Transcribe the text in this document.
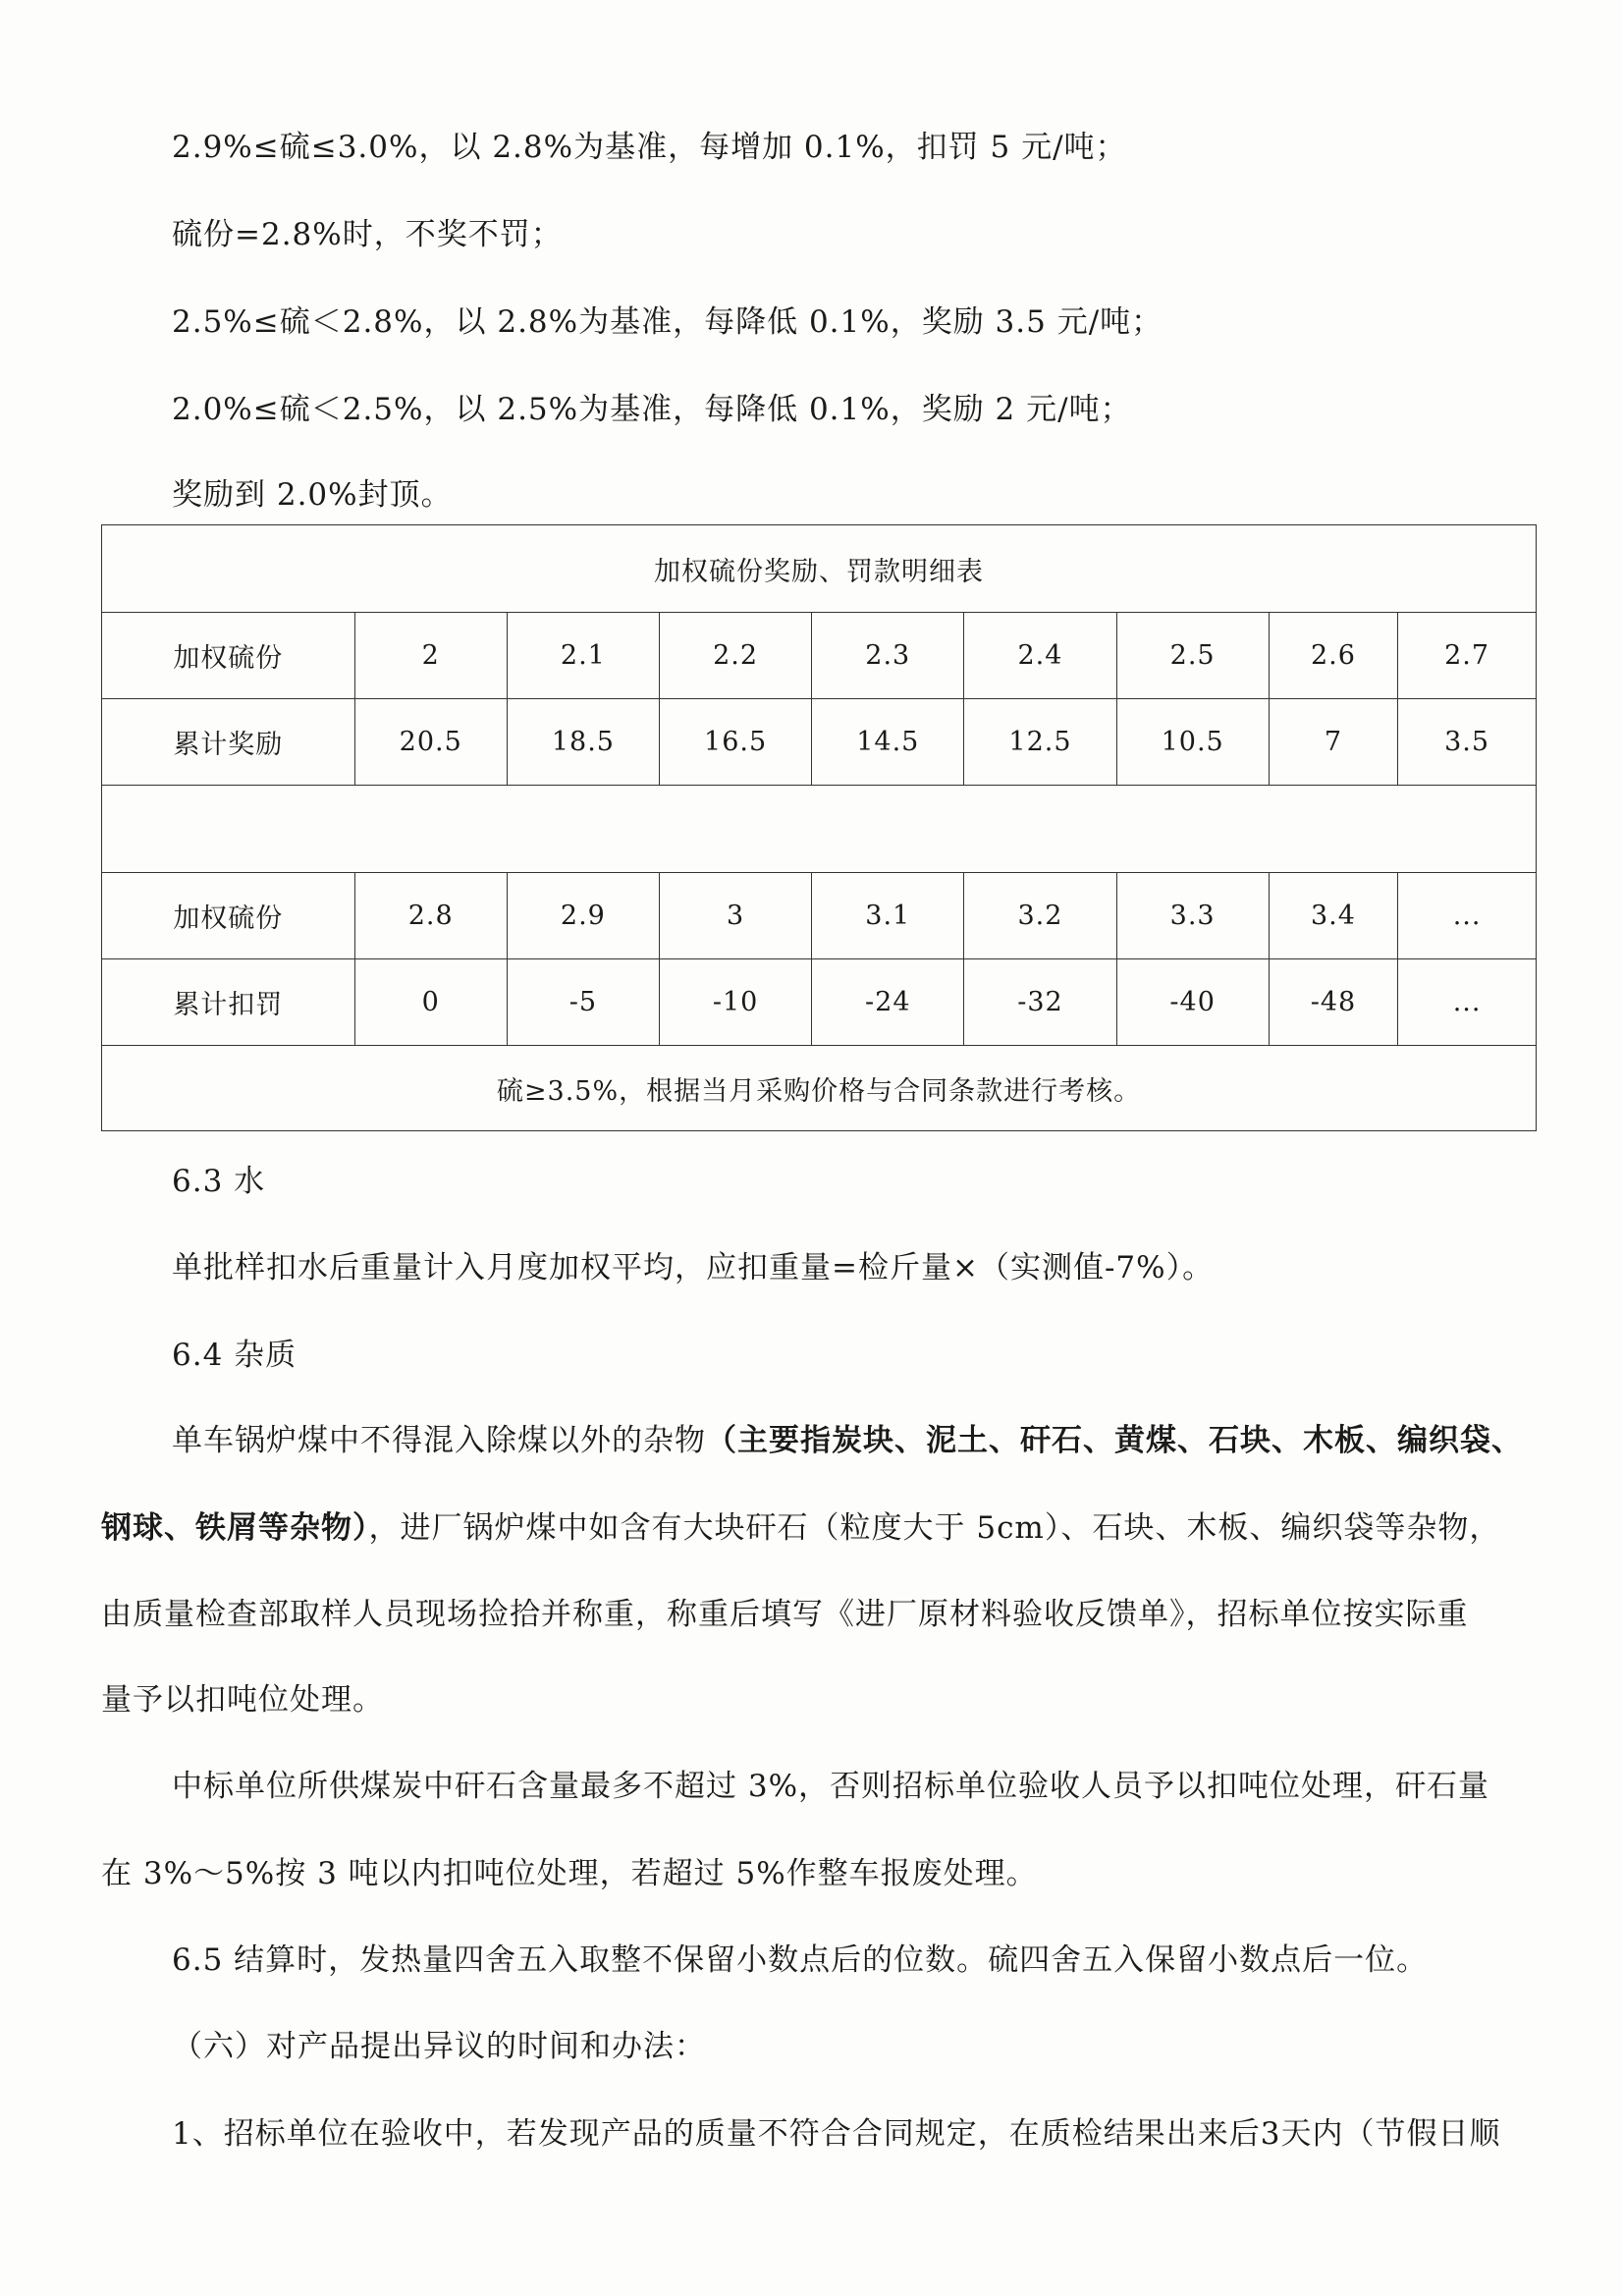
2.9%≤硫≤3.0%，以 2.8%为基准，每增加 0.1%，扣罚 5 元/吨；
硫份=2.8%时，不奖不罚；
2.5%≤硫＜2.8%，以 2.8%为基准，每降低 0.1%，奖励 3.5 元/吨；
2.0%≤硫＜2.5%，以 2.5%为基准，每降低 0.1%，奖励 2 元/吨；
奖励到 2.0%封顶。
加权硫份奖励、罚款明细表								
加权硫份	2	2.1	2.2	2.3	2.4	2.5	2.6	2.7
累计奖励	20.5	18.5	16.5	14.5	12.5	10.5	7	3.5

加权硫份	2.8	2.9	3	3.1	3.2	3.3	3.4	...
累计扣罚	0	-5	-10	-24	-32	-40	-48	...
硫≥3.5%，根据当月采购价格与合同条款进行考核。								
6.3 水
单批样扣水后重量计入月度加权平均，应扣重量=检斤量×（实测值-7%）。
6.4 杂质
单车锅炉煤中不得混入除煤以外的杂物（主要指炭块、泥土、矸石、黄煤、石块、木板、编织袋、
钢球、铁屑等杂物），进厂锅炉煤中如含有大块矸石（粒度大于 5cm）、石块、木板、编织袋等杂物，
由质量检查部取样人员现场捡拾并称重，称重后填写《进厂原材料验收反馈单》，招标单位按实际重
量予以扣吨位处理。
中标单位所供煤炭中矸石含量最多不超过 3%，否则招标单位验收人员予以扣吨位处理，矸石量
在 3%～5%按 3 吨以内扣吨位处理，若超过 5%作整车报废处理。
6.5 结算时，发热量四舍五入取整不保留小数点后的位数。硫四舍五入保留小数点后一位。
（六）对产品提出异议的时间和办法：
1、招标单位在验收中，若发现产品的质量不符合合同规定，在质检结果出来后3天内（节假日顺
